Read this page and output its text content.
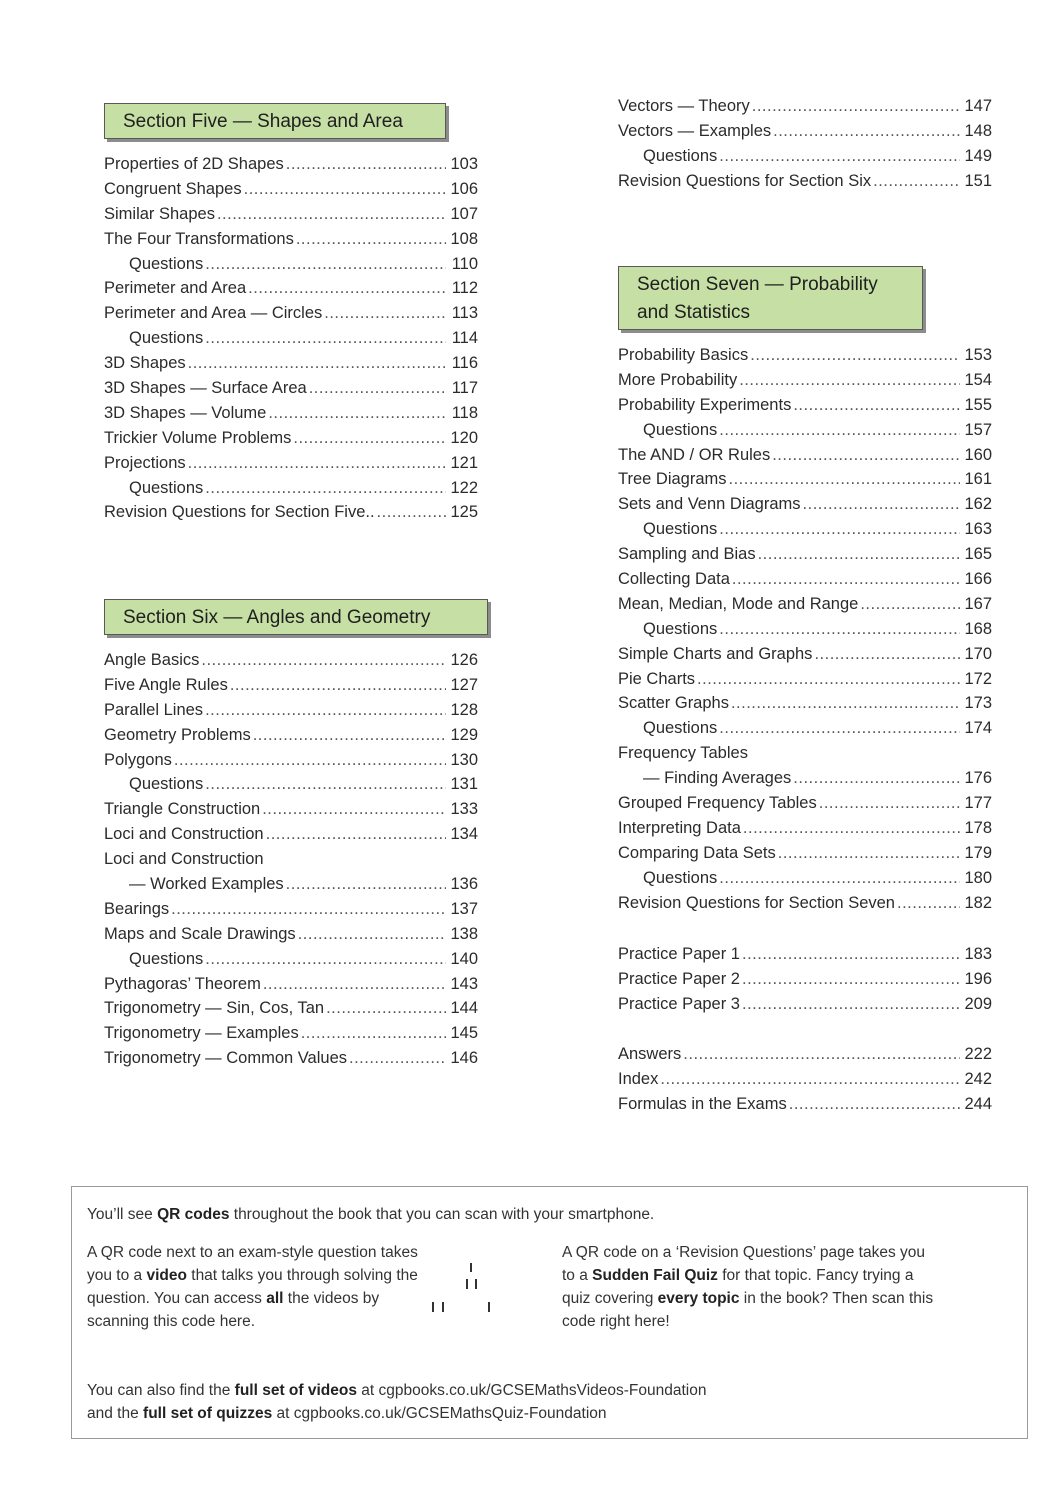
Section Five — Shapes and Area
Properties of 2D Shapes .....	103
Congruent Shapes .....	106
Similar Shapes .....	107
The Four Transformations .....	108
Questions .....	110
Perimeter and Area .....	112
Perimeter and Area — Circles .....	113
Questions .....	114
3D Shapes .....	116
3D Shapes — Surface Area .....	117
3D Shapes — Volume .....	118
Trickier Volume Problems .....	120
Projections .....	121
Questions .....	122
Revision Questions for Section Five.. .....	125
Section Six — Angles and Geometry
Angle Basics .....	126
Five Angle Rules .....	127
Parallel Lines .....	128
Geometry Problems .....	129
Polygons .....	130
Questions .....	131
Triangle Construction .....	133
Loci and Construction .....	134
Loci and Construction
— Worked Examples .....	136
Bearings .....	137
Maps and Scale Drawings .....	138
Questions .....	140
Pythagoras’ Theorem .....	143
Trigonometry — Sin, Cos, Tan .....	144
Trigonometry — Examples .....	145
Trigonometry — Common Values .....	146
Vectors — Theory .....	147
Vectors — Examples .....	148
Questions .....	149
Revision Questions for Section Six .....	151
Section Seven — Probability
and Statistics
Probability Basics .....	153
More Probability .....	154
Probability Experiments .....	155
Questions .....	157
The AND / OR Rules .....	160
Tree Diagrams .....	161
Sets and Venn Diagrams .....	162
Questions .....	163
Sampling and Bias .....	165
Collecting Data .....	166
Mean, Median, Mode and Range .....	167
Questions .....	168
Simple Charts and Graphs .....	170
Pie Charts .....	172
Scatter Graphs .....	173
Questions .....	174
Frequency Tables
— Finding Averages .....	176
Grouped Frequency Tables .....	177
Interpreting Data .....	178
Comparing Data Sets .....	179
Questions .....	180
Revision Questions for Section Seven .....	182
Practice Paper 1 .....	183
Practice Paper 2 .....	196
Practice Paper 3 .....	209
Answers .....	222
Index .....	242
Formulas in the Exams .....	244

You’ll see QR codes throughout the book that you can scan with your smartphone.

A QR code next to an exam-style question takes you to a video that talks you through solving the question. You can access all the videos by scanning this code here.

A QR code on a ‘Revision Questions’ page takes you to a Sudden Fail Quiz for that topic. Fancy trying a quiz covering every topic in the book? Then scan this code right here!

You can also find the full set of videos at cgpbooks.co.uk/GCSEMathsVideos-Foundation
and the full set of quizzes at cgpbooks.co.uk/GCSEMathsQuiz-Foundation
